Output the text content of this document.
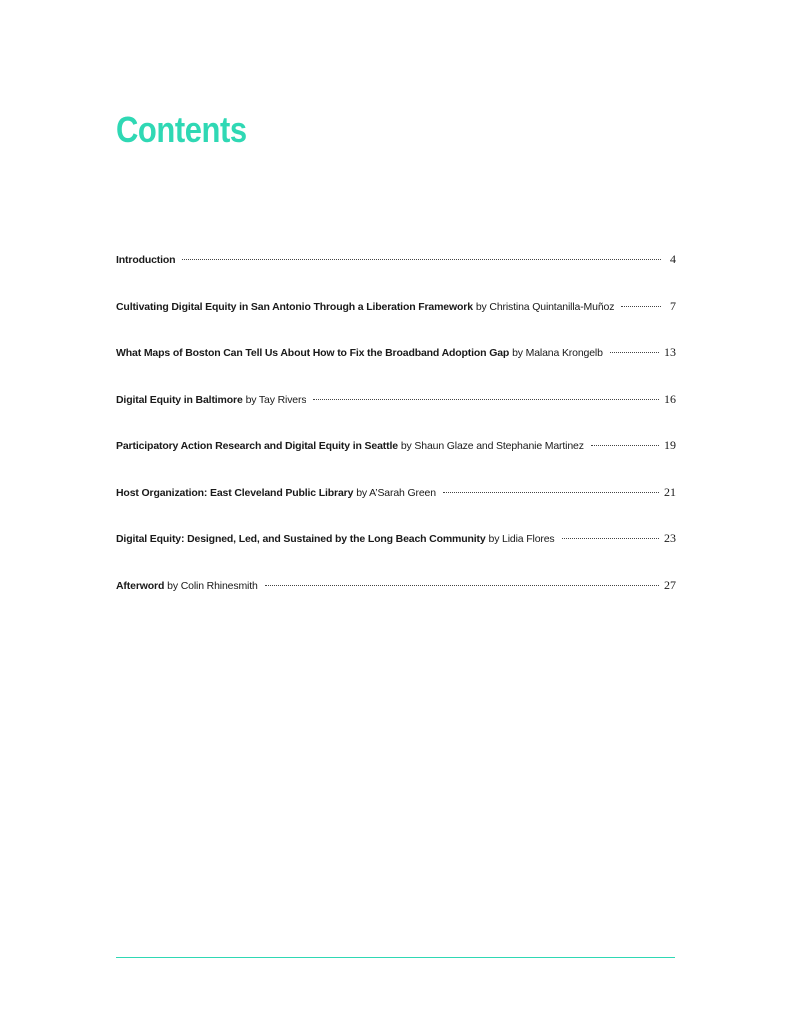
Contents
Introduction	4
Cultivating Digital Equity in San Antonio Through a Liberation Framework by Christina Quintanilla-Muñoz	7
What Maps of Boston Can Tell Us About How to Fix the Broadband Adoption Gap by Malana Krongelb	13
Digital Equity in Baltimore by Tay Rivers	16
Participatory Action Research and Digital Equity in Seattle by Shaun Glaze and Stephanie Martinez	19
Host Organization: East Cleveland Public Library by A’Sarah Green	21
Digital Equity: Designed, Led, and Sustained by the Long Beach Community by Lidia Flores	23
Afterword by Colin Rhinesmith	27
